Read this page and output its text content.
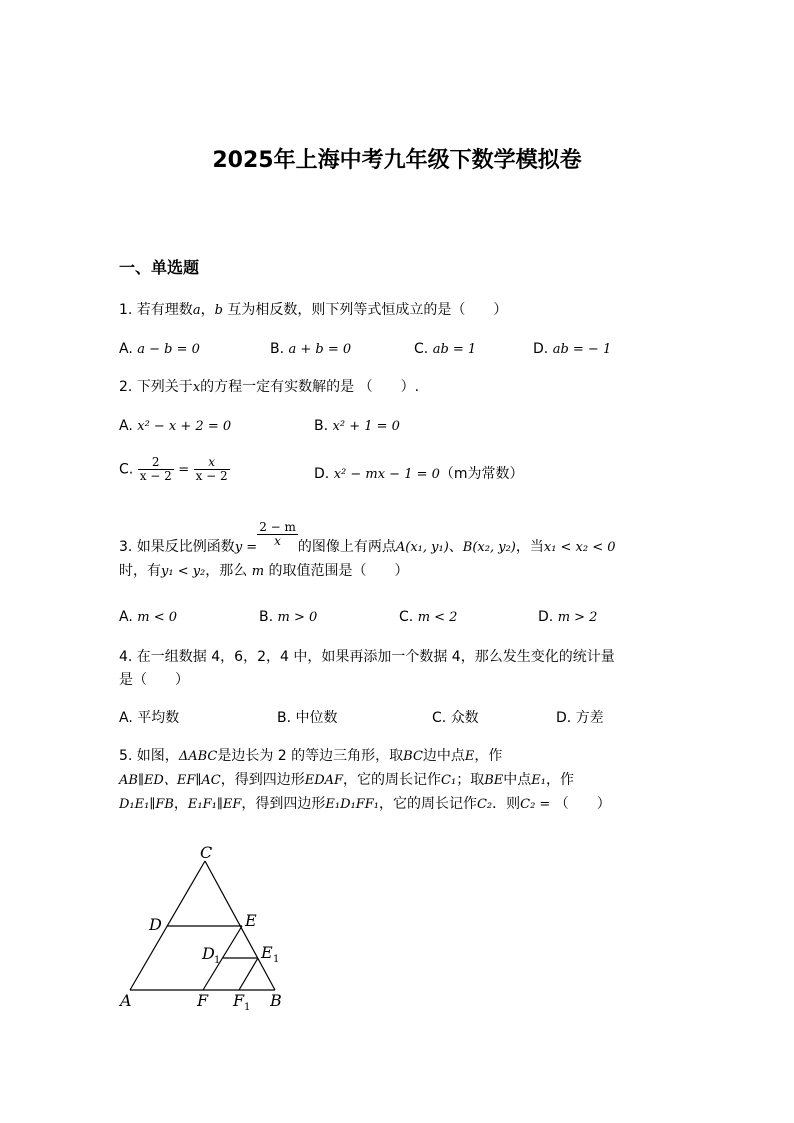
2025年上海中考九年级下数学模拟卷
一、单选题
1. 若有理数a，b 互为相反数，则下列等式恒成立的是（　　）
A. a − b = 0	B. a + b = 0	C. ab = 1	D. ab = − 1
2. 下列关于x的方程一定有实数解的是 （　　）.
A. x² − x + 2 = 0	B. x² + 1 = 0
C. $\frac{2}{x - 2} = \frac{x}{x - 2}$	D. x² − mx − 1 = 0（m为常数）
3. 如果反比例函数$y = \frac{2 - m}{x}$ 的图像上有两点A(x₁, y₁)、B(x₂, y₂)，当x₁ < x₂ < 0
时，有y₁ < y₂，那么 m 的取值范围是（　　）
A. m < 0	B. m > 0	C. m < 2	D. m > 2
4. 在一组数据 4，6，2，4 中，如果再添加一个数据 4，那么发生变化的统计量
是（　　）
A. 平均数	B. 中位数	C. 众数	D. 方差
5. 如图，ΔABC是边长为 2 的等边三角形，取BC边中点E，作
AB∥ED、EF∥AC，得到四边形EDAF，它的周长记作C₁；取BE中点E₁，作
D₁E₁∥FB，E₁F₁∥EF，得到四边形E₁D₁FF₁，它的周长记作C₂．则C₂ = （　　）
C
D	E
D 1	E 1
A	F F 1 B
